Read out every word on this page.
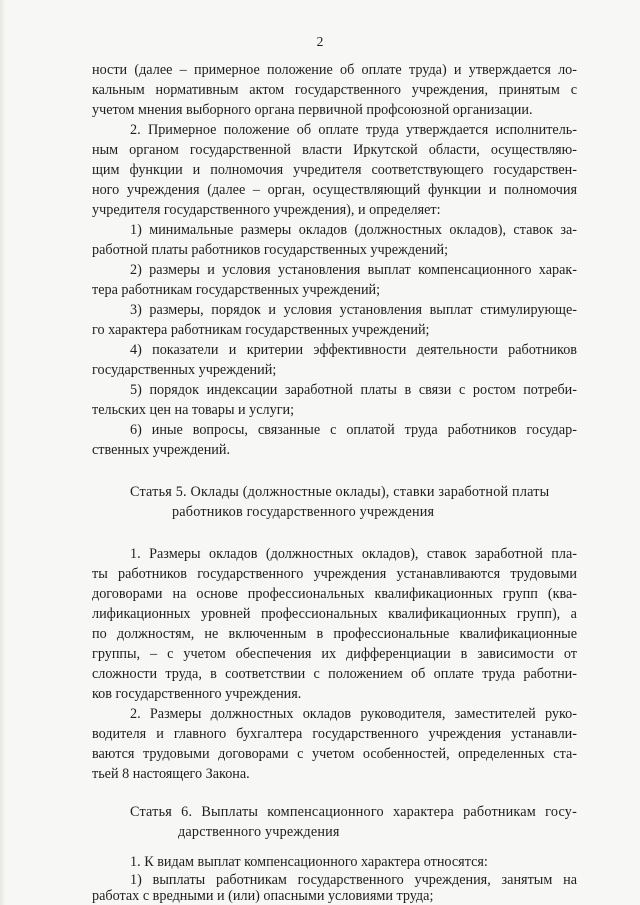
2
ности (далее – примерное положение об оплате труда) и утверждается ло-
кальным нормативным актом государственного учреждения, принятым с
учетом мнения выборного органа первичной профсоюзной организации.
2. Примерное положение об оплате труда утверждается исполнитель-
ным органом государственной власти Иркутской области, осуществляю-
щим функции и полномочия учредителя соответствующего государствен-
ного учреждения (далее – орган, осуществляющий функции и полномочия
учредителя государственного учреждения), и определяет:
1) минимальные размеры окладов (должностных окладов), ставок за-
работной платы работников государственных учреждений;
2) размеры и условия установления выплат компенсационного харак-
тера работникам государственных учреждений;
3) размеры, порядок и условия установления выплат стимулирующе-
го характера работникам государственных учреждений;
4) показатели и критерии эффективности деятельности работников
государственных учреждений;
5) порядок индексации заработной платы в связи с ростом потреби-
тельских цен на товары и услуги;
6) иные вопросы, связанные с оплатой труда работников государ-
ственных учреждений.
Статья 5. Оклады (должностные оклады), ставки заработной платы
работников государственного учреждения
1. Размеры окладов (должностных окладов), ставок заработной пла-
ты работников государственного учреждения устанавливаются трудовыми
договорами на основе профессиональных квалификационных групп (ква-
лификационных уровней профессиональных квалификационных групп), а
по должностям, не включенным в профессиональные квалификационные
группы, – с учетом обеспечения их дифференциации в зависимости от
сложности труда, в соответствии с положением об оплате труда работни-
ков государственного учреждения.
2. Размеры должностных окладов руководителя, заместителей руко-
водителя и главного бухгалтера государственного учреждения устанавли-
ваются трудовыми договорами с учетом особенностей, определенных ста-
тьей 8 настоящего Закона.
Статья 6. Выплаты компенсационного характера работникам госу-
дарственного учреждения
1. К видам выплат компенсационного характера относятся:
1) выплаты работникам государственного учреждения, занятым на
работах с вредными и (или) опасными условиями труда;
